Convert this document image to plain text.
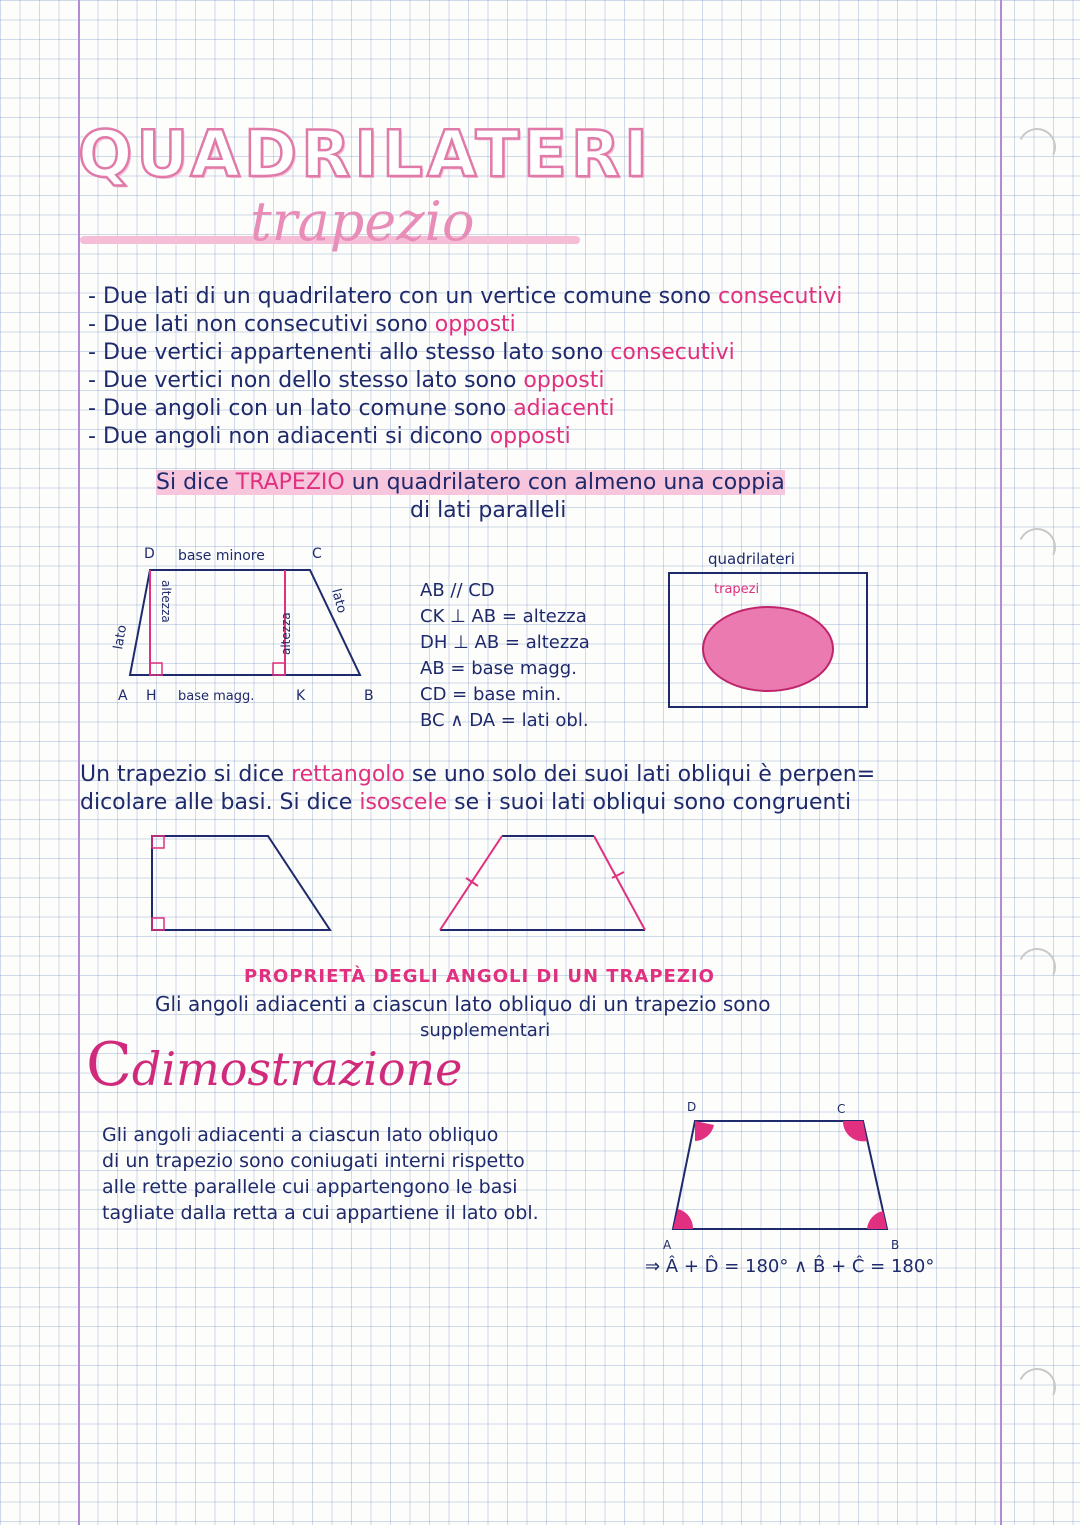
QUADRILATERI
trapezio
- Due lati di un quadrilatero con un vertice comune sono consecutivi
- Due lati non consecutivi sono opposti
- Due vertici appartenenti allo stesso lato sono consecutivi
- Due vertici non dello stesso lato sono opposti
- Due angoli con un lato comune sono adiacenti
- Due angoli non adiacenti si dicono opposti
Si dice TRAPEZIO un quadrilatero con almeno una coppia
di lati paralleli
D	C
base minore
A H base magg.	K	B
lato
lato
altezza
altezza
AB // CD
CK ⊥ AB = altezza
DH ⊥ AB = altezza
AB = base magg.
CD = base min.
BC ∧ DA = lati obl.
quadrilateri
trapezi
Un trapezio si dice rettangolo se uno solo dei suoi lati obliqui è perpen=
dicolare alle basi. Si dice isoscele se i suoi lati obliqui sono congruenti
PROPRIETÀ DEGLI ANGOLI DI UN TRAPEZIO
Gli angoli adiacenti a ciascun lato obliquo di un trapezio sono
supplementari
Cdimostrazione
Gli angoli adiacenti a ciascun lato obliquo
di un trapezio sono coniugati interni rispetto
alle rette parallele cui appartengono le basi
tagliate dalla retta a cui appartiene il lato obl.
D	C
A	B
⇒ Â + D̂ = 180° ∧ B̂ + Ĉ = 180°
